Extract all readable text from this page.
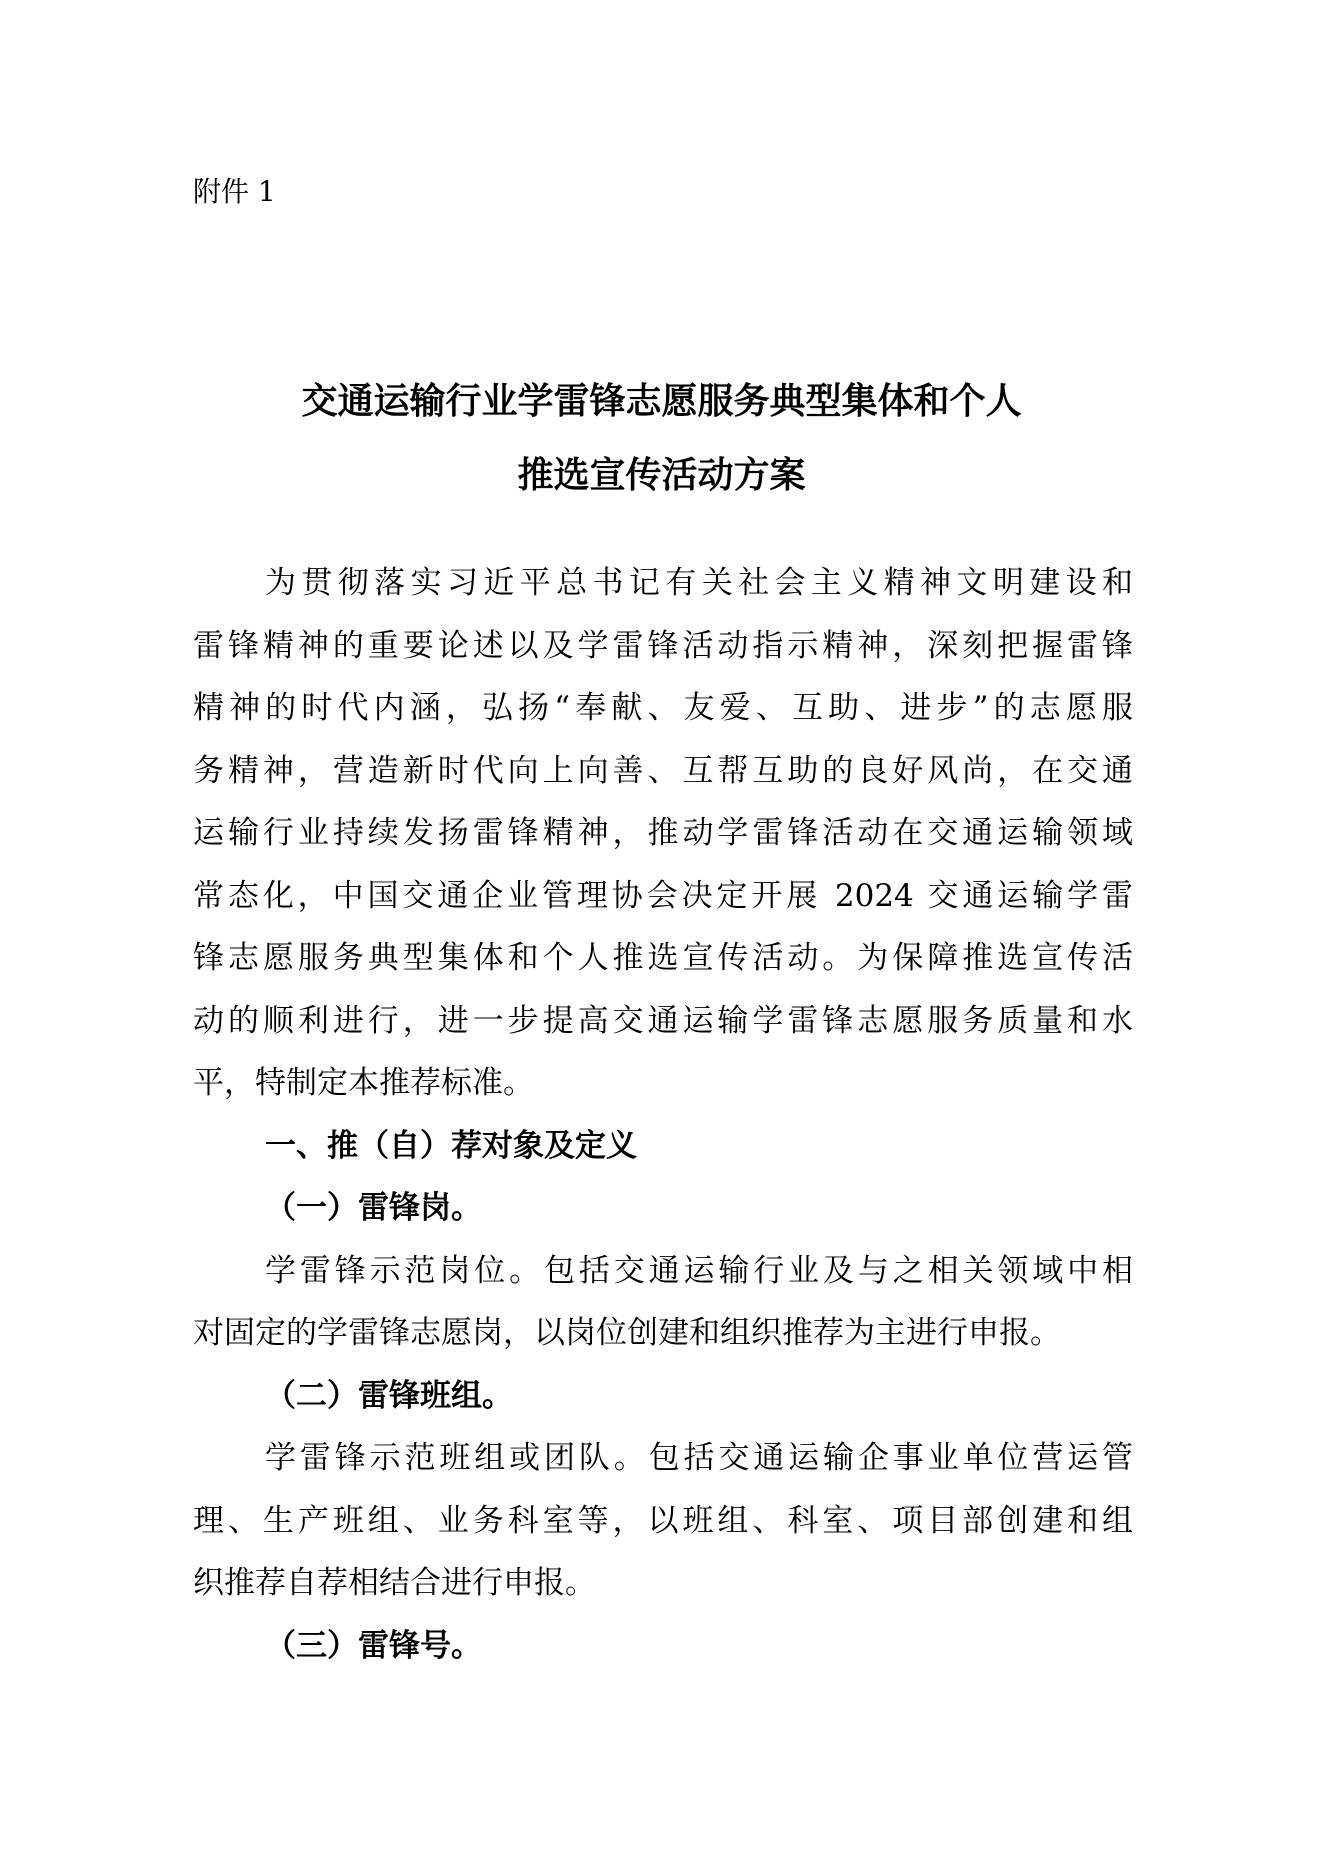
附件 1
交通运输行业学雷锋志愿服务典型集体和个人
推选宣传活动方案
为贯彻落实习近平总书记有关社会主义精神文明建设和
雷锋精神的重要论述以及学雷锋活动指示精神，深刻把握雷锋
精神的时代内涵，弘扬“奉献、友爱、互助、进步”的志愿服
务精神，营造新时代向上向善、互帮互助的良好风尚，在交通
运输行业持续发扬雷锋精神，推动学雷锋活动在交通运输领域
常态化，中国交通企业管理协会决定开展 2024 交通运输学雷
锋志愿服务典型集体和个人推选宣传活动。为保障推选宣传活
动的顺利进行，进一步提高交通运输学雷锋志愿服务质量和水
平，特制定本推荐标准。
一、推（自）荐对象及定义
（一）雷锋岗。
学雷锋示范岗位。包括交通运输行业及与之相关领域中相
对固定的学雷锋志愿岗，以岗位创建和组织推荐为主进行申报。
（二）雷锋班组。
学雷锋示范班组或团队。包括交通运输企事业单位营运管
理、生产班组、业务科室等，以班组、科室、项目部创建和组
织推荐自荐相结合进行申报。
（三）雷锋号。
